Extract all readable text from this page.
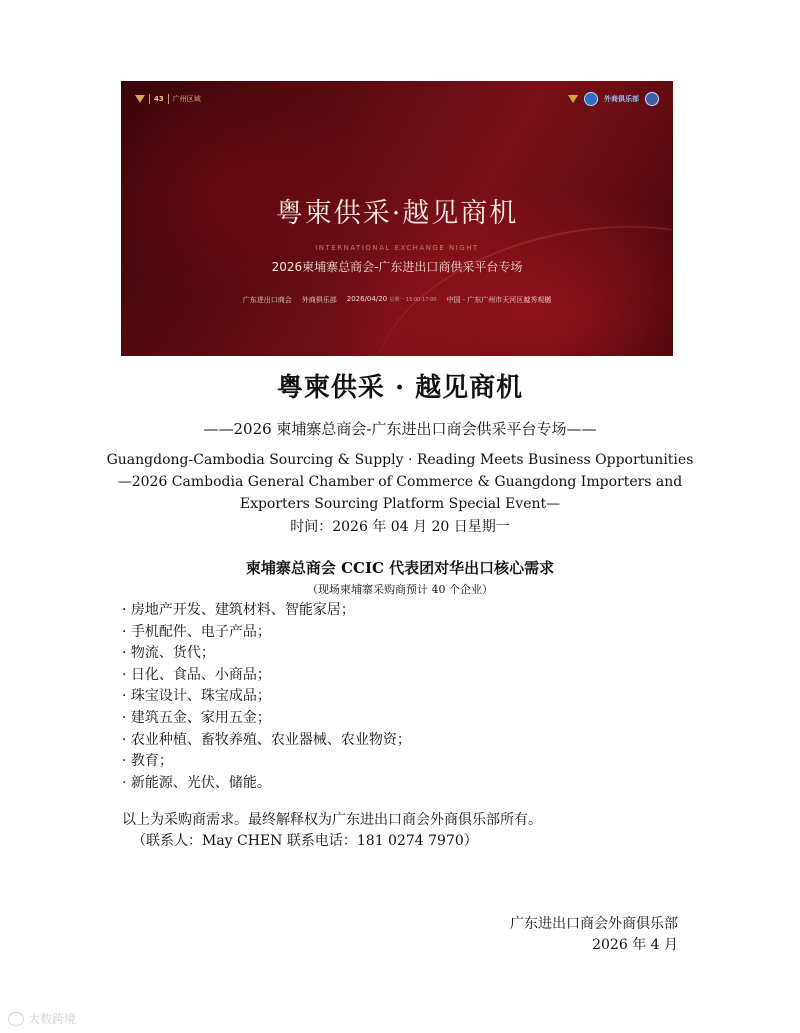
43 广州区域	外商俱乐部
粤柬供采·越见商机
INTERNATIONAL EXCHANGE NIGHT
2026柬埔寨总商会-广东进出口商供采平台专场
广东进出口商会 外商俱乐部 2026/04/20 星期一 15:00-17:00 中国 · 广东广州市天河区越秀观樾
粤柬供采 · 越见商机
——2026 柬埔寨总商会-广东进出口商会供采平台专场——
Guangdong-Cambodia Sourcing & Supply · Reading Meets Business Opportunities
—2026 Cambodia General Chamber of Commerce & Guangdong Importers and
Exporters Sourcing Platform Special Event—
时间：2026 年 04 月 20 日星期一
柬埔寨总商会 CCIC 代表团对华出口核心需求
（现场柬埔寨采购商预计 40 个企业）
· 房地产开发、建筑材料、智能家居；
· 手机配件、电子产品；
· 物流、货代；
· 日化、食品、小商品；
· 珠宝设计、珠宝成品；
· 建筑五金、家用五金；
· 农业种植、畜牧养殖、农业器械、农业物资；
· 教育；
· 新能源、光伏、储能。
以上为采购商需求。最终解释权为广东进出口商会外商俱乐部所有。
（联系人：May CHEN 联系电话：181 0274 7970）
广东进出口商会外商俱乐部
2026 年 4 月
大数跨境
